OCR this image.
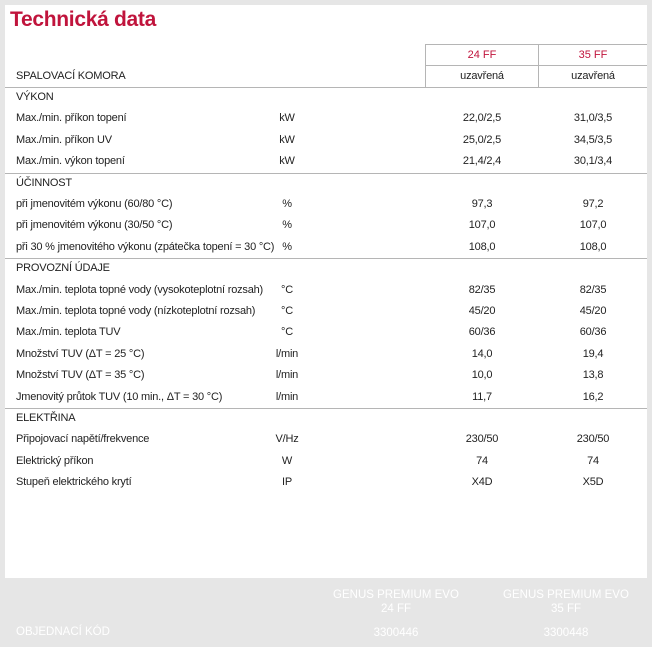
Technická data
24 FF	35 FF
SPALOVACÍ KOMORA	uzavřená	uzavřená
VÝKON
Max./min. příkon topení	kW	22,0/2,5	31,0/3,5
Max./min. příkon UV	kW	25,0/2,5	34,5/3,5
Max./min. výkon topení	kW	21,4/2,4	30,1/3,4
ÚČINNOST
při jmenovitém výkonu (60/80 °C)	%	97,3	97,2
při jmenovitém výkonu (30/50 °C)	%	107,0	107,0
při 30 % jmenovitého výkonu (zpátečka topení = 30 °C) %	108,0	108,0
PROVOZNÍ ÚDAJE
Max./min. teplota topné vody (vysokoteplotní rozsah)	°C	82/35	82/35
Max./min. teplota topné vody (nízkoteplotní rozsah)	°C	45/20	45/20
Max./min. teplota TUV	°C	60/36	60/36
Množství TUV (ΔT = 25 °C)	l/min	14,0	19,4
Množství TUV (ΔT = 35 °C)	l/min	10,0	13,8
Jmenovitý průtok TUV (10 min., ΔT = 30 °C)	l/min	11,7	16,2
ELEKTŘINA
Připojovací napětí/frekvence	V/Hz	230/50	230/50
Elektrický příkon	W	74	74
Stupeň elektrického krytí	IP	X4D	X5D
GENUS PREMIUM EVO
24 FF
GENUS PREMIUM EVO
35 FF
OBJEDNACÍ KÓD	3300446	3300448
